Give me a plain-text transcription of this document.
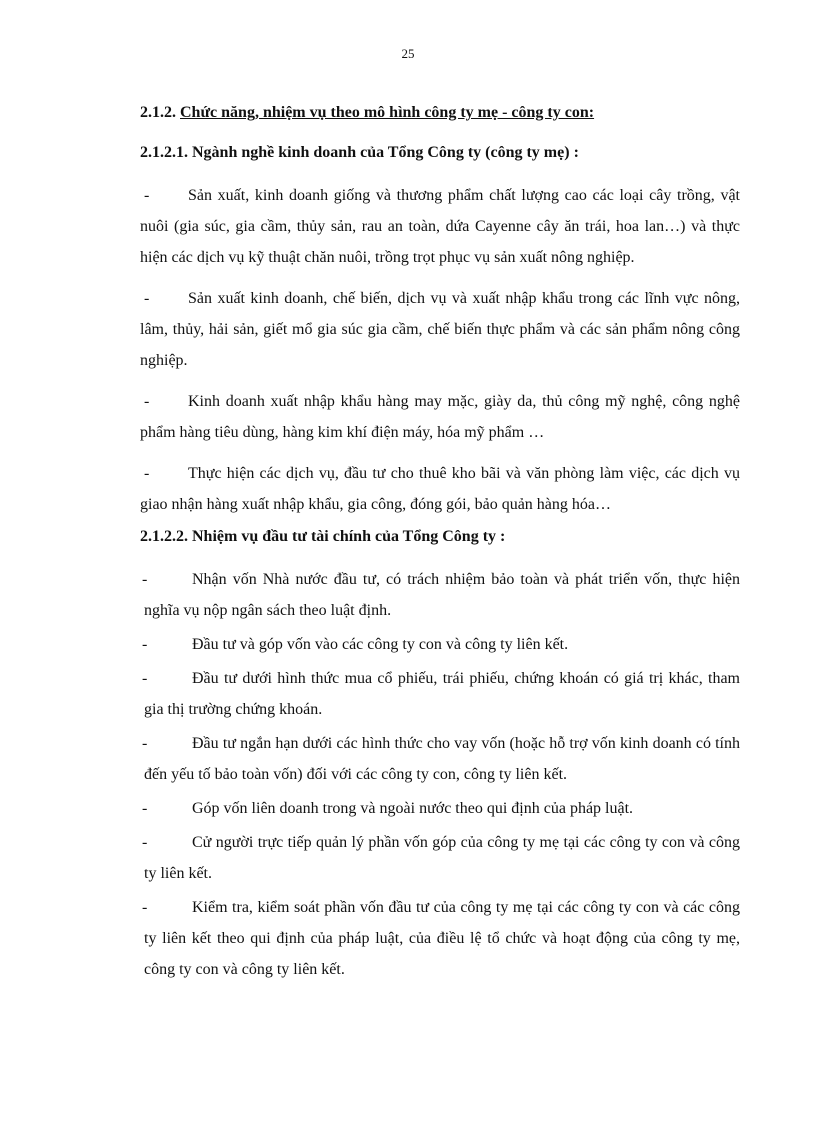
25

2.1.2. Chức năng, nhiệm vụ theo mô hình công ty mẹ - công ty con:

2.1.2.1. Ngành nghề kinh doanh của Tổng Công ty (công ty mẹ) :

- Sản xuất, kinh doanh giống và thương phẩm chất lượng cao các loại cây trồng, vật nuôi (gia súc, gia cầm, thủy sản, rau an toàn, dứa Cayenne cây ăn trái, hoa lan…) và thực hiện các dịch vụ kỹ thuật chăn nuôi, trồng trọt phục vụ sản xuất nông nghiệp.
- Sản xuất kinh doanh, chế biến, dịch vụ và xuất nhập khẩu trong các lĩnh vực nông, lâm, thủy, hải sản, giết mổ gia súc gia cầm, chế biến thực phẩm và các sản phẩm nông công nghiệp.
- Kinh doanh xuất nhập khẩu hàng may mặc, giày da, thủ công mỹ nghệ, công nghệ phẩm hàng tiêu dùng, hàng kim khí điện máy, hóa mỹ phẩm …
- Thực hiện các dịch vụ, đầu tư cho thuê kho bãi và văn phòng làm việc, các dịch vụ giao nhận hàng xuất nhập khẩu, gia công, đóng gói, bảo quản hàng hóa…

2.1.2.2. Nhiệm vụ đầu tư tài chính của Tổng Công ty :

-	Nhận vốn Nhà nước đầu tư, có trách nhiệm bảo toàn và phát triển vốn, thực hiện nghĩa vụ nộp ngân sách theo luật định.
-	Đầu tư và góp vốn vào các công ty con và công ty liên kết.
-	Đầu tư dưới hình thức mua cổ phiếu, trái phiếu, chứng khoán có giá trị khác, tham gia thị trường chứng khoán.
-	Đầu tư ngắn hạn dưới các hình thức cho vay vốn (hoặc hỗ trợ vốn kinh doanh có tính đến yếu tố bảo toàn vốn) đối với các công ty con, công ty liên kết.
-	Góp vốn liên doanh trong và ngoài nước theo qui định của pháp luật.
-	Cử người trực tiếp quản lý phần vốn góp của công ty mẹ tại các công ty con và công ty liên kết.
-	Kiểm tra, kiểm soát phần vốn đầu tư của công ty mẹ tại các công ty con và các công ty liên kết theo qui định của pháp luật, của điều lệ tổ chức và hoạt động của công ty mẹ, công ty con và công ty liên kết.
